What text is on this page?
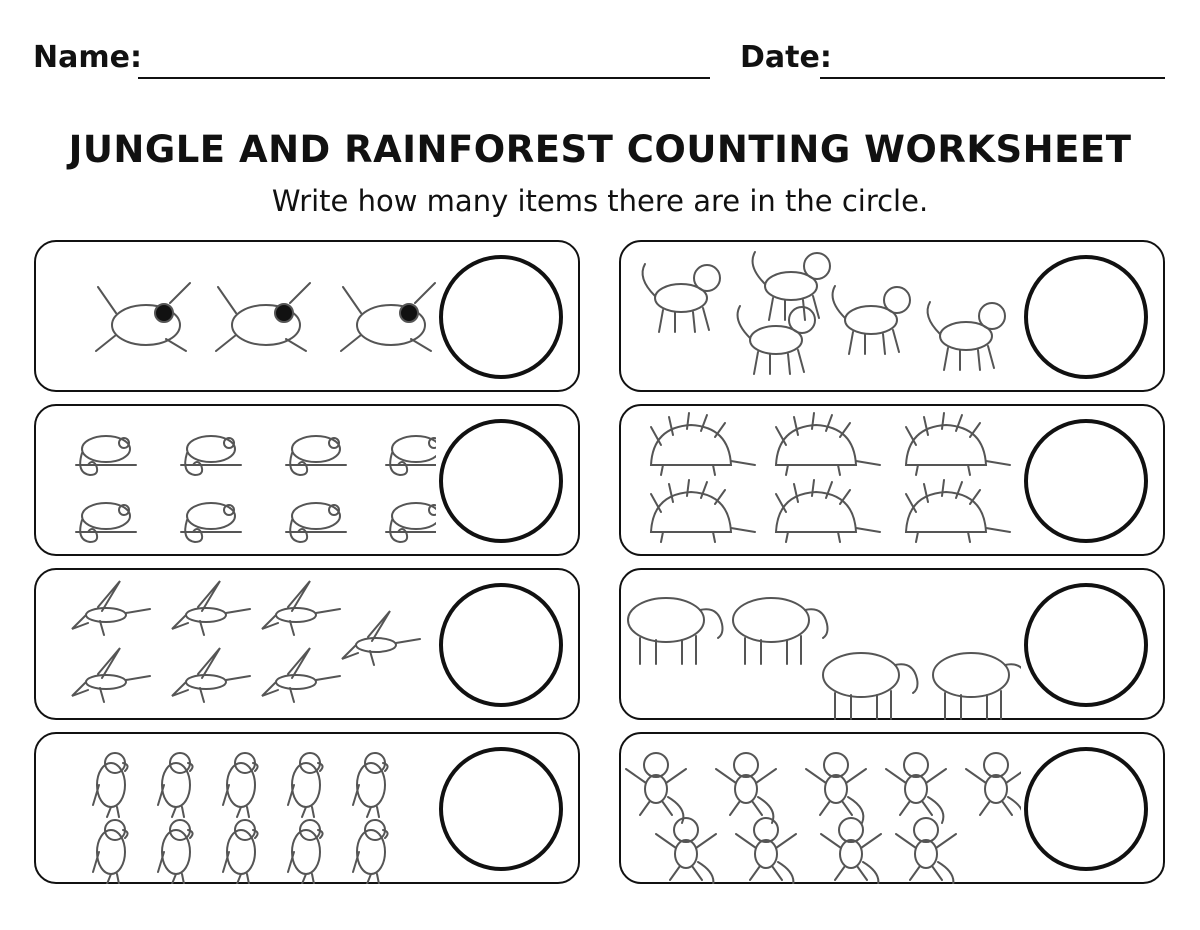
Name:	Date:
JUNGLE AND RAINFOREST COUNTING WORKSHEET
Write how many items there are in the circle.
